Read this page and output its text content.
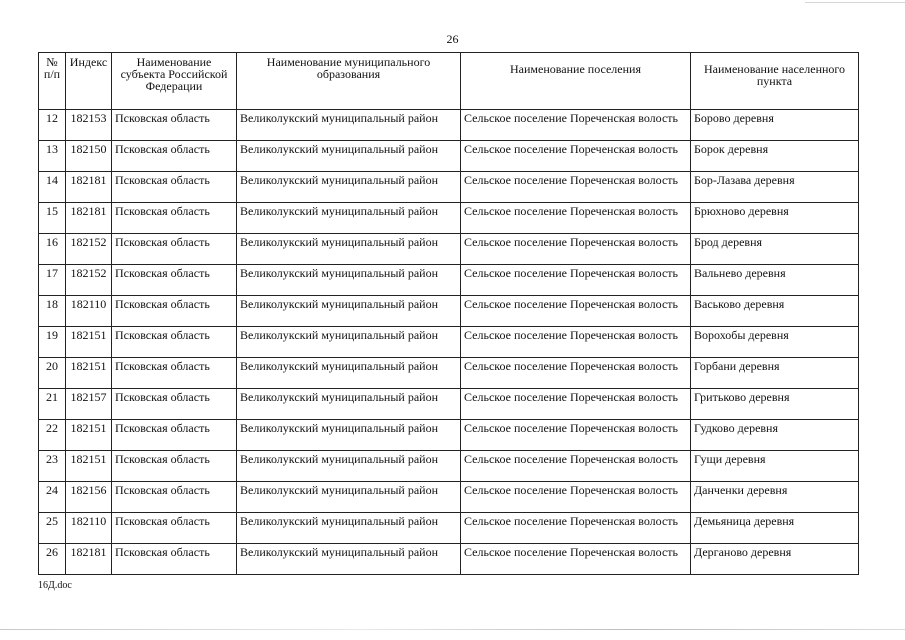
26
№ п/п	Индекс	Наименование субъекта Российской Федерации	Наименование муниципального образования	Наименование поселения	Наименование населенного пункта
12	182153	Псковская область	Великолукский муниципальный район	Сельское поселение Пореченская волость	Борово деревня
13	182150	Псковская область	Великолукский муниципальный район	Сельское поселение Пореченская волость	Борок деревня
14	182181	Псковская область	Великолукский муниципальный район	Сельское поселение Пореченская волость	Бор-Лазава деревня
15	182181	Псковская область	Великолукский муниципальный район	Сельское поселение Пореченская волость	Брюхново деревня
16	182152	Псковская область	Великолукский муниципальный район	Сельское поселение Пореченская волость	Брод деревня
17	182152	Псковская область	Великолукский муниципальный район	Сельское поселение Пореченская волость	Вальнево деревня
18	182110	Псковская область	Великолукский муниципальный район	Сельское поселение Пореченская волость	Васьково деревня
19	182151	Псковская область	Великолукский муниципальный район	Сельское поселение Пореченская волость	Ворохобы деревня
20	182151	Псковская область	Великолукский муниципальный район	Сельское поселение Пореченская волость	Горбани деревня
21	182157	Псковская область	Великолукский муниципальный район	Сельское поселение Пореченская волость	Гритьково деревня
22	182151	Псковская область	Великолукский муниципальный район	Сельское поселение Пореченская волость	Гудково деревня
23	182151	Псковская область	Великолукский муниципальный район	Сельское поселение Пореченская волость	Гущи деревня
24	182156	Псковская область	Великолукский муниципальный район	Сельское поселение Пореченская волость	Данченки деревня
25	182110	Псковская область	Великолукский муниципальный район	Сельское поселение Пореченская волость	Демьяница деревня
26	182181	Псковская область	Великолукский муниципальный район	Сельское поселение Пореченская волость	Дерганово деревня
16Д.doc
